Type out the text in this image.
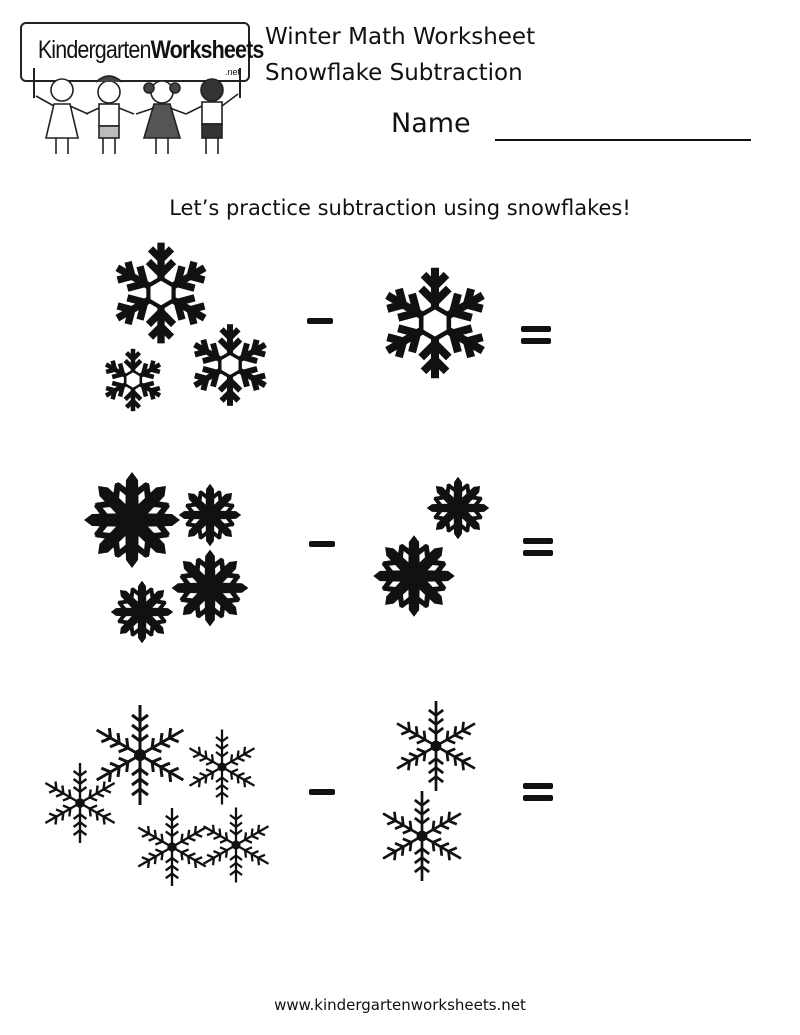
KindergartenWorksheets
.net
Winter Math Worksheet
Snowflake Subtraction
Name
Let’s practice subtraction using snowflakes!
www.kindergartenworksheets.net
